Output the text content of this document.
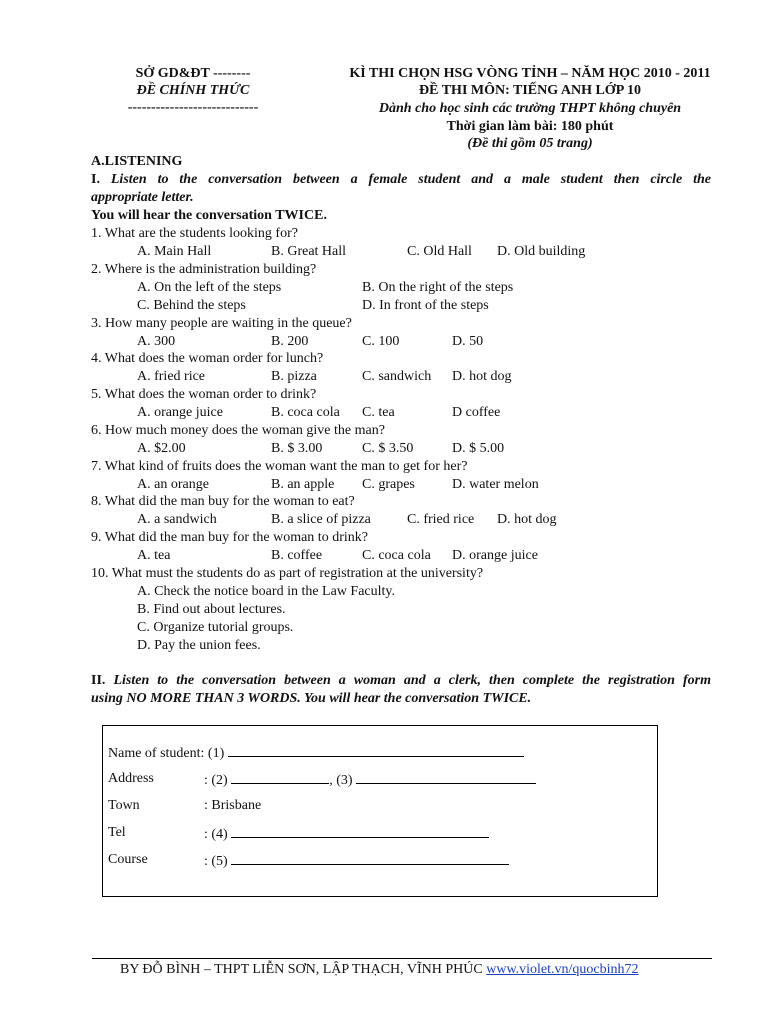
SỞ GD&ĐT --------
ĐỀ CHÍNH THỨC
----------------------------
KÌ THI CHỌN HSG VÒNG TỈNH – NĂM HỌC 2010 - 2011
ĐỀ THI MÔN: TIẾNG ANH LỚP 10
Dành cho học sinh các trường THPT không chuyên
Thời gian làm bài: 180 phút
(Đề thi gồm 05 trang)
A.LISTENING
I. Listen to the conversation between a female student and a male student then circle the
appropriate letter.
You will hear the conversation TWICE.
1. What are the students looking for?
A. Main Hall	B. Great Hall	C. Old Hall D. Old building
2. Where is the administration building?
A. On the left of the steps	B. On the right of the steps
C. Behind the steps	D. In front of the steps
3. How many people are waiting in the queue?
A. 300	B. 200	C. 100	D. 50
4. What does the woman order for lunch?
A. fried rice	B. pizza	C. sandwich D. hot dog
5. What does the woman order to drink?
A. orange juice	B. coca cola C. tea	D coffee
6. How much money does the woman give the man?
A. $2.00	B. $ 3.00	C. $ 3.50	D. $ 5.00
7. What kind of fruits does the woman want the man to get for her?
A. an orange	B. an apple C. grapes	D. water melon
8. What did the man buy for the woman to eat?
A. a sandwich	B. a slice of pizza	C. fried rice D. hot dog
9. What did the man buy for the woman to drink?
A. tea	B. coffee	C. coca cola D. orange juice
10. What must the students do as part of registration at the university?
A. Check the notice board in the Law Faculty.
B. Find out about lectures.
C. Organize tutorial groups.
D. Pay the union fees.
II. Listen to the conversation between a woman and a clerk, then complete the registration form
using NO MORE THAN 3 WORDS. You will hear the conversation TWICE.
Name of student: (1)
Address	: (2)	, (3)
Town	: Brisbane
Tel	: (4)
Course	: (5)
BY ĐỖ BÌNH – THPT LIỄN SƠN, LẬP THẠCH, VĨNH PHÚC www.violet.vn/quocbinh72
